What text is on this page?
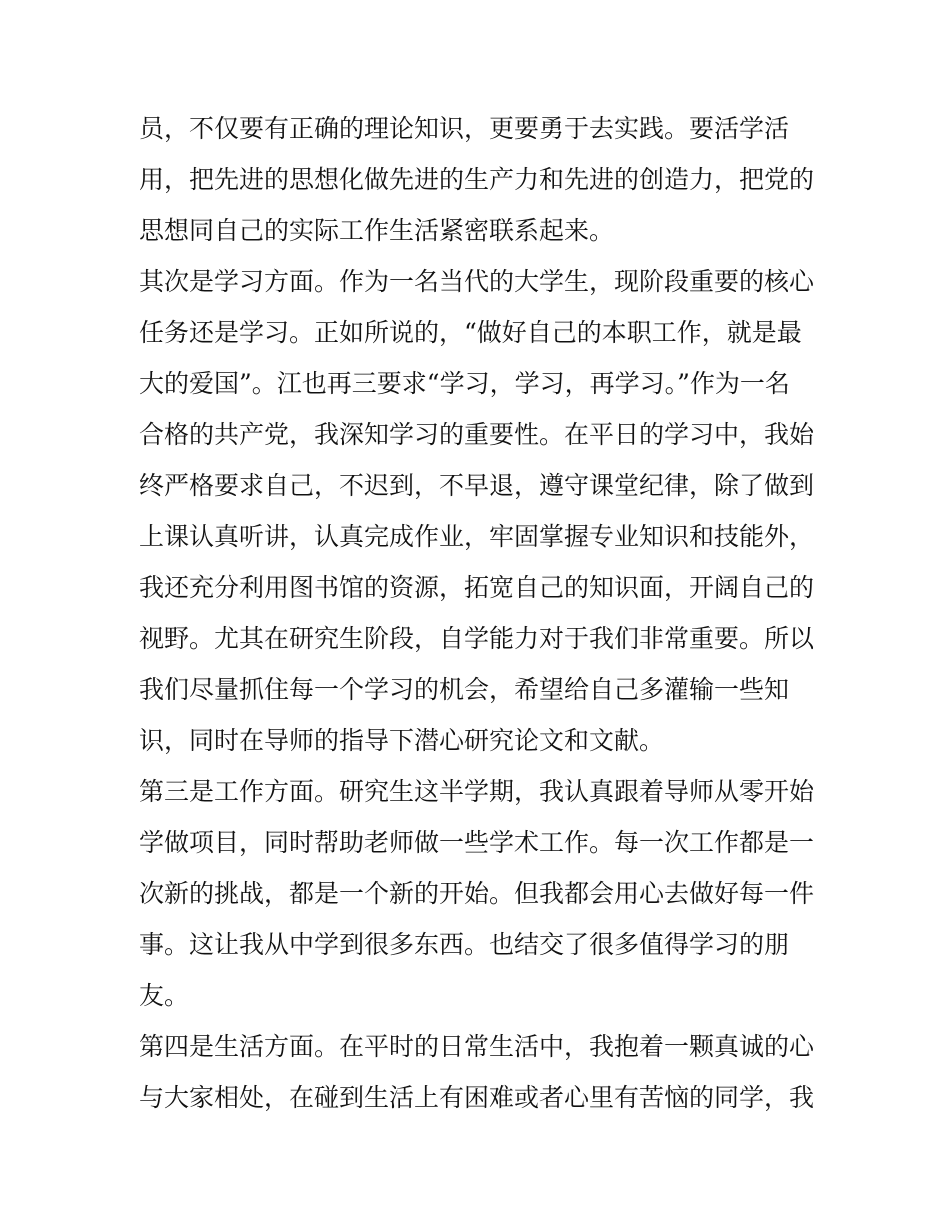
员，不仅要有正确的理论知识，更要勇于去实践。要活学活
用，把先进的思想化做先进的生产力和先进的创造力，把党的
思想同自己的实际工作生活紧密联系起来。
其次是学习方面。作为一名当代的大学生，现阶段重要的核心
任务还是学习。正如所说的，“做好自己的本职工作，就是最
大的爱国”。江也再三要求“学习，学习，再学习。”作为一名
合格的共产党，我深知学习的重要性。在平日的学习中，我始
终严格要求自己，不迟到，不早退，遵守课堂纪律，除了做到
上课认真听讲，认真完成作业，牢固掌握专业知识和技能外，
我还充分利用图书馆的资源，拓宽自己的知识面，开阔自己的
视野。尤其在研究生阶段，自学能力对于我们非常重要。所以
我们尽量抓住每一个学习的机会，希望给自己多灌输一些知
识，同时在导师的指导下潜心研究论文和文献。
第三是工作方面。研究生这半学期，我认真跟着导师从零开始
学做项目，同时帮助老师做一些学术工作。每一次工作都是一
次新的挑战，都是一个新的开始。但我都会用心去做好每一件
事。这让我从中学到很多东西。也结交了很多值得学习的朋
友。
第四是生活方面。在平时的日常生活中，我抱着一颗真诚的心
与大家相处，在碰到生活上有困难或者心里有苦恼的同学，我
